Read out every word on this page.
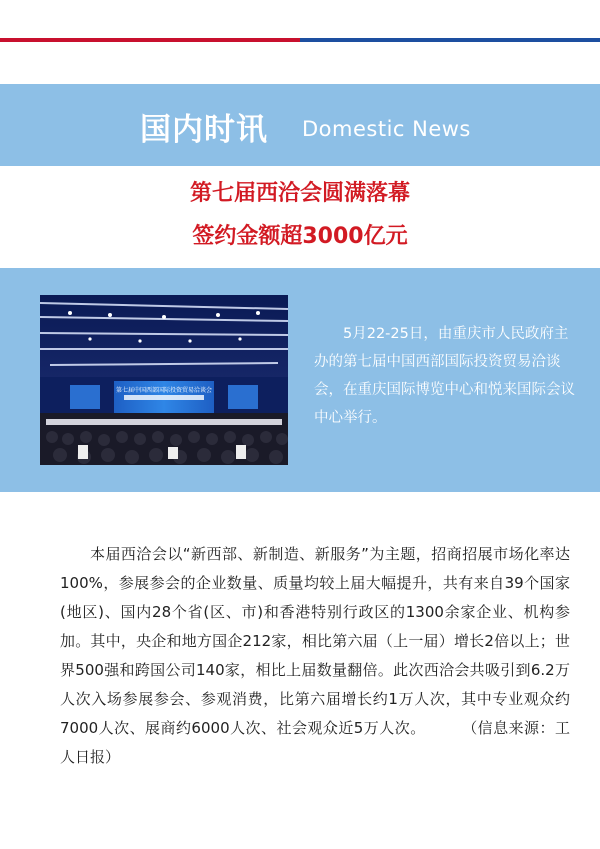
国内时讯 Domestic News
第七届西洽会圆满落幕
签约金额超3000亿元
第七届中国西部国际投资贸易洽谈会
5月22-25日，由重庆市人民政府主办的第七届中国西部国际投资贸易洽谈会，在重庆国际博览中心和悦来国际会议中心举行。
本届西洽会以“新西部、新制造、新服务”为主题，招商招展市场化率达100%，参展参会的企业数量、质量均较上届大幅提升，共有来自39个国家(地区)、国内28个省(区、市)和香港特别行政区的1300余家企业、机构参加。其中，央企和地方国企212家，相比第六届（上一届）增长2倍以上；世界500强和跨国公司140家，相比上届数量翻倍。此次西洽会共吸引到6.2万人次入场参展参会、参观消费，比第六届增长约1万人次，其中专业观众约7000人次、展商约6000人次、社会观众近5万人次。	（信息来源：工人日报）
